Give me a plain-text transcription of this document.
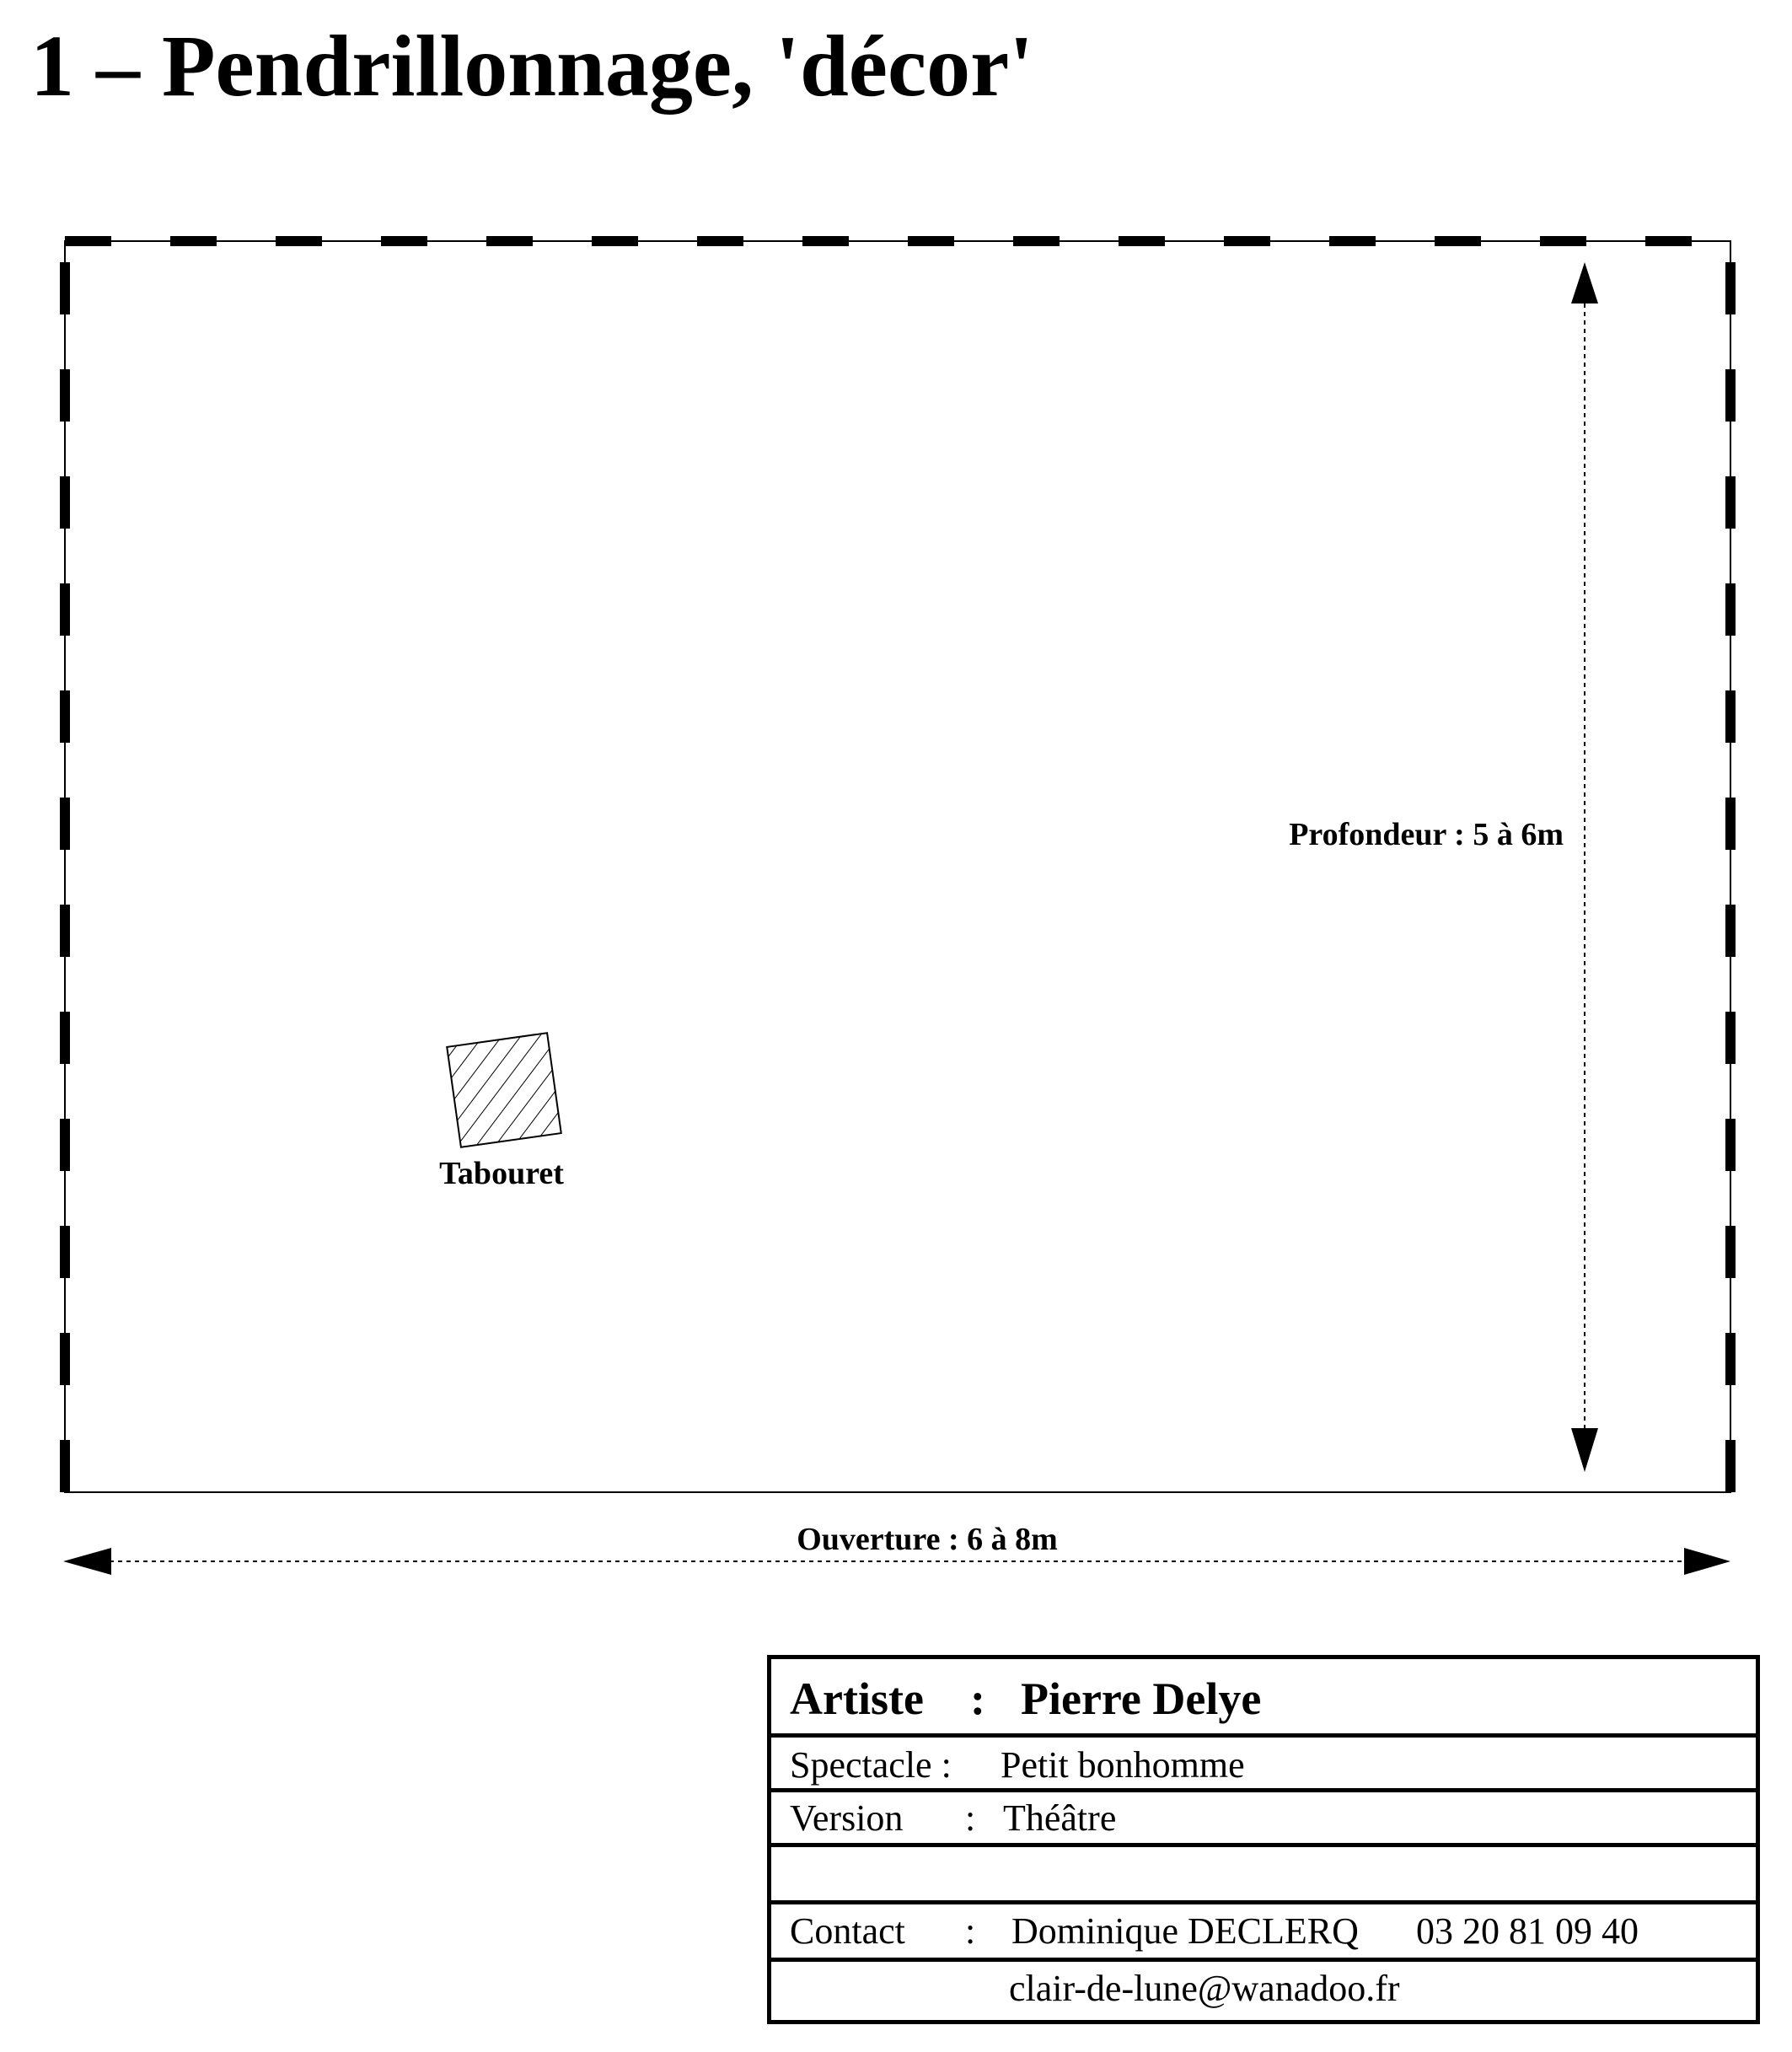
1 – Pendrillonnage, 'décor'
Profondeur : 5 à 6m
Ouverture : 6 à 8m
Tabouret
Artiste : Pierre Delye
Spectacle : Petit bonhomme
Version : Théâtre
Contact : Dominique DECLERQ 03 20 81 09 40
clair-de-lune@wanadoo.fr
